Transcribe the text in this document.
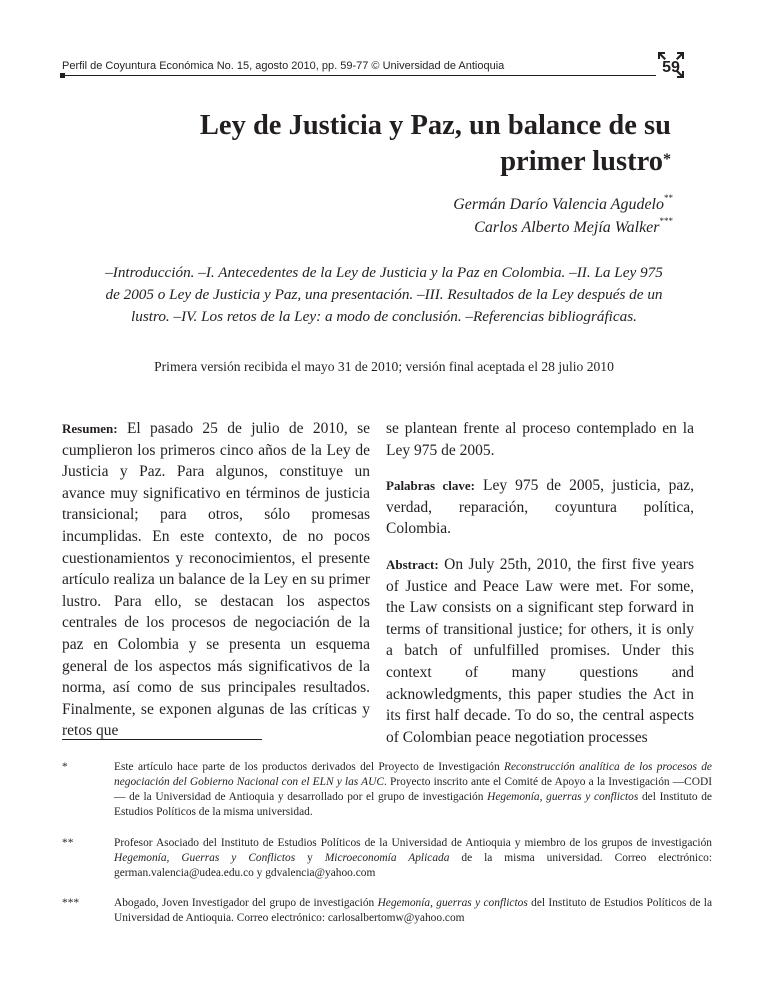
Perfil de Coyuntura Económica No. 15, agosto 2010, pp. 59-77 © Universidad de Antioquia	59
Ley de Justicia y Paz, un balance de su
primer lustro*
Germán Darío Valencia Agudelo**
Carlos Alberto Mejía Walker***
–Introducción. –I. Antecedentes de la Ley de Justicia y la Paz en Colombia. –II. La Ley 975
de 2005 o Ley de Justicia y Paz, una presentación. –III. Resultados de la Ley después de un
lustro. –IV. Los retos de la Ley: a modo de conclusión. –Referencias bibliográficas.
Primera versión recibida el mayo 31 de 2010; versión final aceptada el 28 julio 2010

Resumen: El pasado 25 de julio de 2010, se cumplieron los primeros cinco años de la Ley de Justicia y Paz. Para algunos, constituye un avance muy significativo en términos de justicia transicional; para otros, sólo promesas incumplidas. En este contexto, de no pocos cuestionamientos y reconocimientos, el presente artículo realiza un balance de la Ley en su primer lustro. Para ello, se destacan los aspectos centrales de los procesos de negociación de la paz en Colombia y se presenta un esquema general de los aspectos más significativos de la norma, así como de sus principales resultados. Finalmente, se exponen algunas de las críticas y retos que

se plantean frente al proceso contemplado en la Ley 975 de 2005.

Palabras clave: Ley 975 de 2005, justicia, paz, verdad, reparación, coyuntura política, Colombia.

Abstract: On July 25th, 2010, the first five years of Justice and Peace Law were met. For some, the Law consists on a significant step forward in terms of transitional justice; for others, it is only a batch of unfulfilled promises. Under this context of many questions and acknowledgments, this paper studies the Act in its first half decade. To do so, the central aspects of Colombian peace negotiation processes

*	Este artículo hace parte de los productos derivados del Proyecto de Investigación Reconstrucción analítica de los procesos de negociación del Gobierno Nacional con el ELN y las AUC. Proyecto inscrito ante el Comité de Apoyo a la Investigación —CODI— de la Universidad de Antioquia y desarrollado por el grupo de investigación Hegemonía, guerras y conflictos del Instituto de Estudios Políticos de la misma universidad.
**	Profesor Asociado del Instituto de Estudios Políticos de la Universidad de Antioquia y miembro de los grupos de investigación Hegemonía, Guerras y Conflictos y Microeconomía Aplicada de la misma universidad. Correo electrónico: german.valencia@udea.edu.co y gdvalencia@yahoo.com
***	Abogado, Joven Investigador del grupo de investigación Hegemonía, guerras y conflictos del Instituto de Estudios Políticos de la Universidad de Antioquia. Correo electrónico: carlosalbertomw@yahoo.com
